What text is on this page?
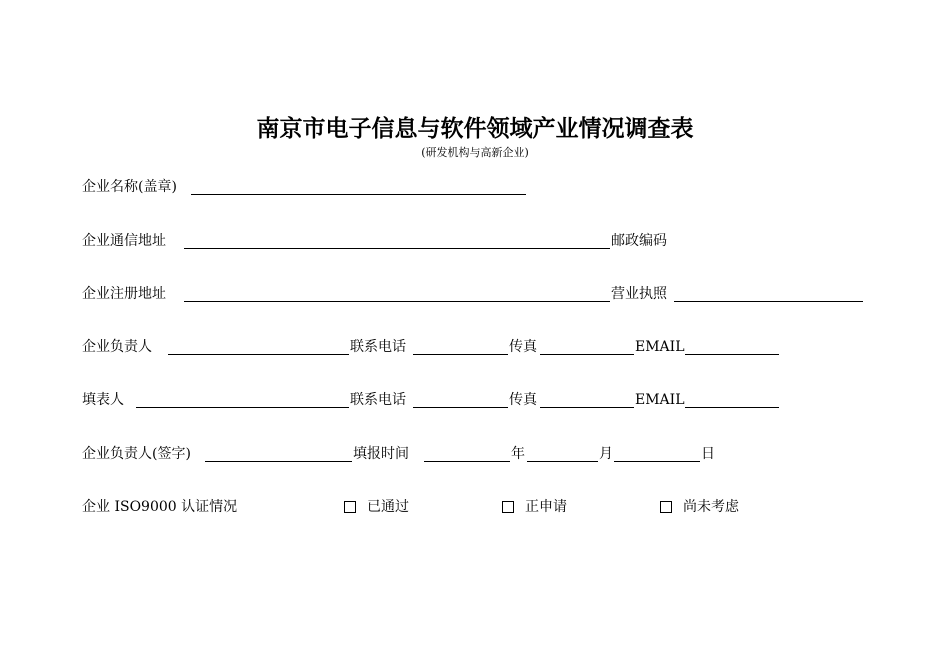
南京市电子信息与软件领域产业情况调查表
(研发机构与高新企业)
企业名称(盖章)
企业通信地址	邮政编码
企业注册地址	营业执照
企业负责人	联系电话	传真	EMAIL
填表人	联系电话	传真	EMAIL
企业负责人(签字)	填报时间	年	月	日
企业 ISO9000 认证情况	已通过	正申请	尚未考虑
